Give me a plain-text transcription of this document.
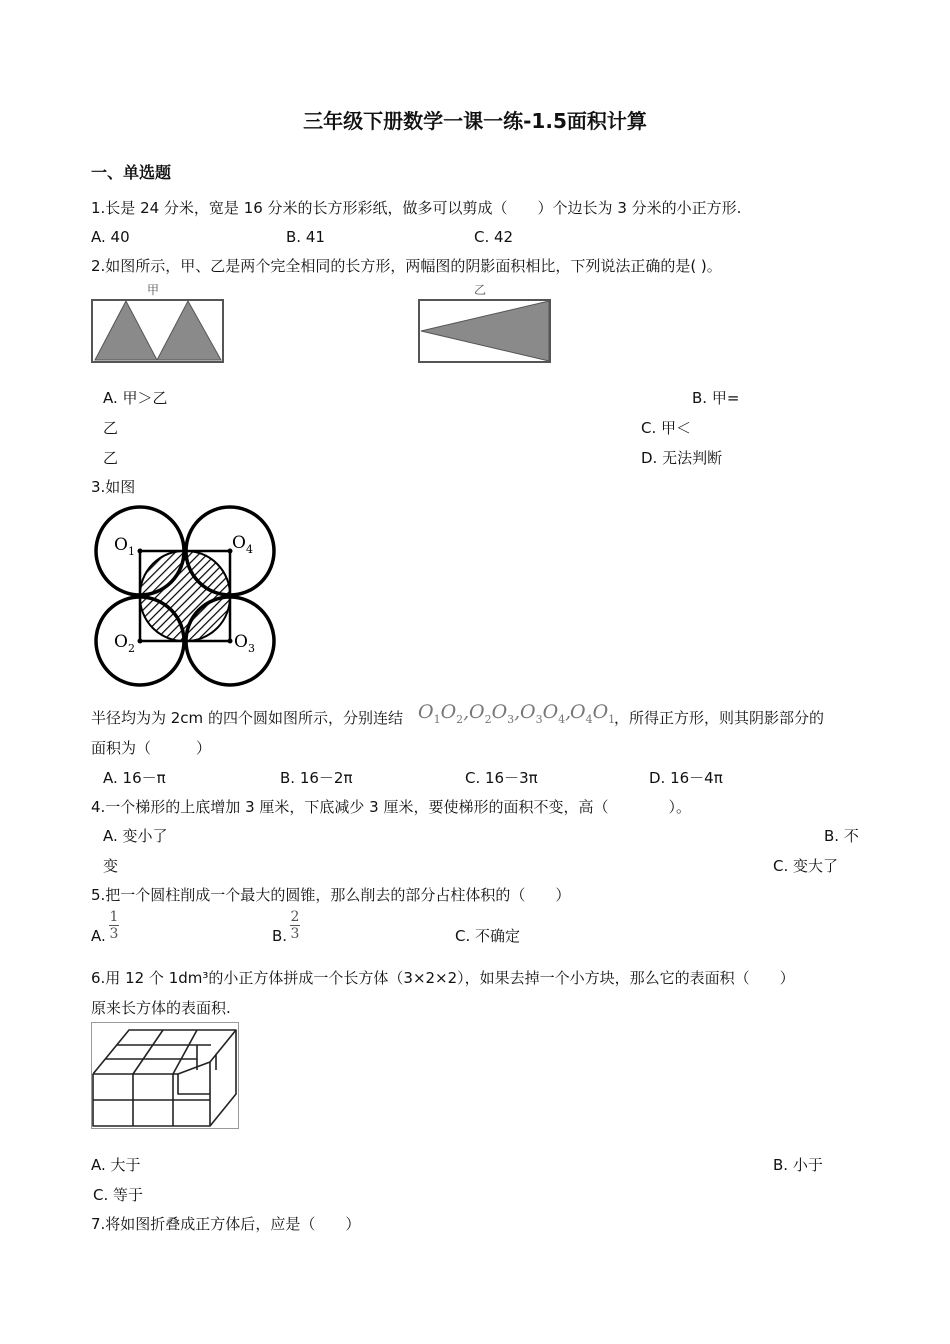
三年级下册数学一课一练-1.5面积计算
一、单选题
1.长是 24 分米，宽是 16 分米的长方形彩纸，做多可以剪成（　　）个边长为 3 分米的小正方形.
A. 40	B. 41	C. 42
2.如图所示，甲、乙是两个完全相同的长方形，两幅图的阴影面积相比，下列说法正确的是( )。
甲	乙
A. 甲＞乙	B. 甲=
乙	C. 甲＜
乙	D. 无法判断
3.如图
O 1	O 4
O 2	O 3
半径均为为 2cm 的四个圆如图所示，分别连结 $O_1O_2$, $O_2O_3$, $O_3O_4$,
$O_4O_1$
，所得正方形，则其阴影部分的
面积为（　　　）
A. 16－π	B. 16－2π	C. 16－3π	D. 16－4π
4.一个梯形的上底增加 3 厘米，下底减少 3 厘米，要使梯形的面积不变，高（　　　　）。
A. 变小了	B. 不
变	C. 变大了
5.把一个圆柱削成一个最大的圆锥，那么削去的部分占柱体积的（　　）
A.
1
3	B.
2
3	C. 不确定
6.用 12 个 1dm³的小正方体拼成一个长方体（3×2×2），如果去掉一个小方块，那么它的表面积（　　）
原来长方体的表面积.
A. 大于	B. 小于
C. 等于
7.将如图折叠成正方体后，应是（　　）
